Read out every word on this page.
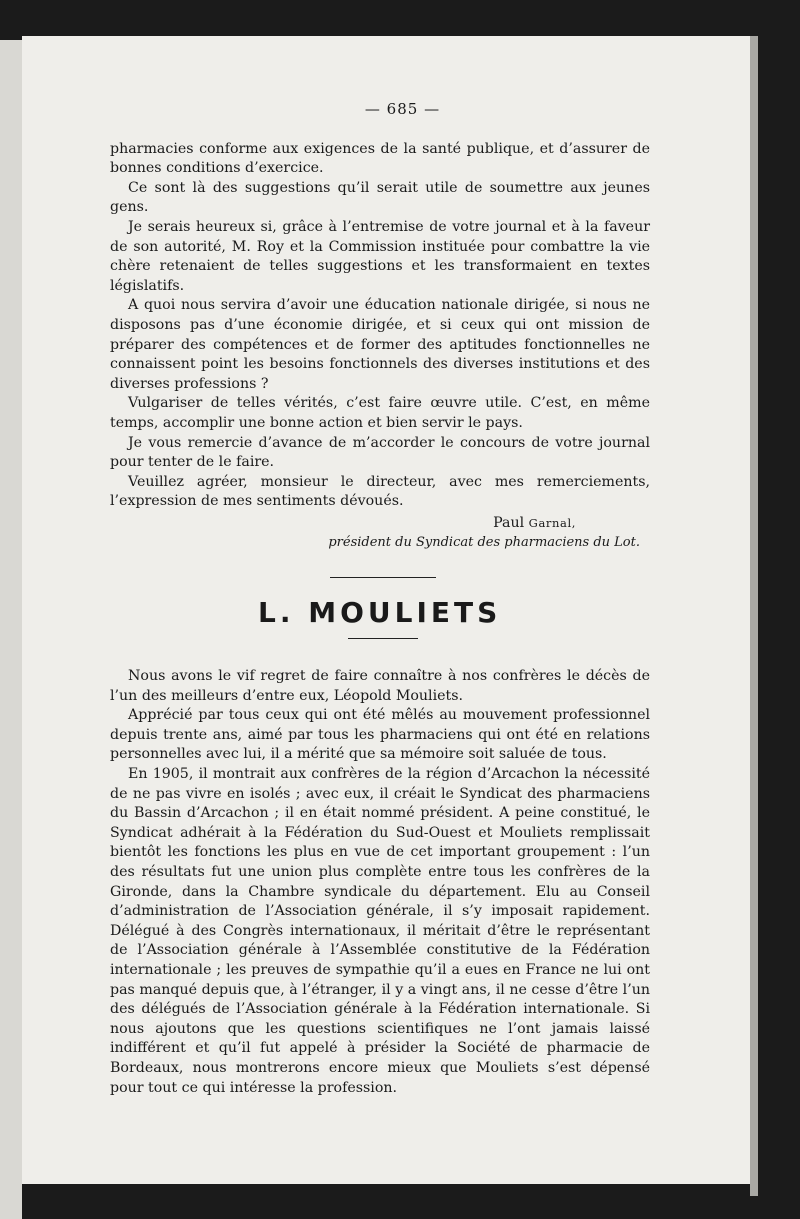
— 685 —

pharmacies conforme aux exigences de la santé publique, et d’assurer de bonnes conditions d’exercice.

Ce sont là des suggestions qu’il serait utile de soumettre aux jeunes gens.

Je serais heureux si, grâce à l’entremise de votre journal et à la faveur de son autorité, M. Roy et la Commission instituée pour combattre la vie chère retenaient de telles suggestions et les transformaient en textes législatifs.

A quoi nous servira d’avoir une éducation nationale dirigée, si nous ne disposons pas d’une économie dirigée, et si ceux qui ont mission de préparer des compétences et de former des aptitudes fonctionnelles ne connaissent point les besoins fonctionnels des diverses institutions et des diverses professions ?

Vulgariser de telles vérités, c’est faire œuvre utile. C’est, en même temps, accomplir une bonne action et bien servir le pays.

Je vous remercie d’avance de m’accorder le concours de votre journal pour tenter de le faire.

Veuillez agréer, monsieur le directeur, avec mes remerciements, l’expression de mes sentiments dévoués.

Paul Garnal,
président du Syndicat des pharmaciens du Lot.
L. MOULIETS

Nous avons le vif regret de faire connaître à nos confrères le décès de l’un des meilleurs d’entre eux, Léopold Mouliets.

Apprécié par tous ceux qui ont été mêlés au mouvement professionnel depuis trente ans, aimé par tous les pharmaciens qui ont été en relations personnelles avec lui, il a mérité que sa mémoire soit saluée de tous.

En 1905, il montrait aux confrères de la région d’Arcachon la nécessité de ne pas vivre en isolés ; avec eux, il créait le Syndicat des pharmaciens du Bassin d’Arcachon ; il en était nommé président. A peine constitué, le Syndicat adhérait à la Fédération du Sud-Ouest et Mouliets remplissait bientôt les fonctions les plus en vue de cet important groupement : l’un des résultats fut une union plus complète entre tous les confrères de la Gironde, dans la Chambre syndicale du département. Elu au Conseil d’administration de l’Association générale, il s’y imposait rapidement. Délégué à des Congrès internationaux, il méritait d’être le représentant de l’Association générale à l’Assemblée constitutive de la Fédération internationale ; les preuves de sympathie qu’il a eues en France ne lui ont pas manqué depuis que, à l’étranger, il y a vingt ans, il ne cesse d’être l’un des délégués de l’Association générale à la Fédération internationale. Si nous ajoutons que les questions scientifiques ne l’ont jamais laissé indifférent et qu’il fut appelé à présider la Société de pharmacie de Bordeaux, nous montrerons encore mieux que Mouliets s’est dépensé pour tout ce qui intéresse la profession.
